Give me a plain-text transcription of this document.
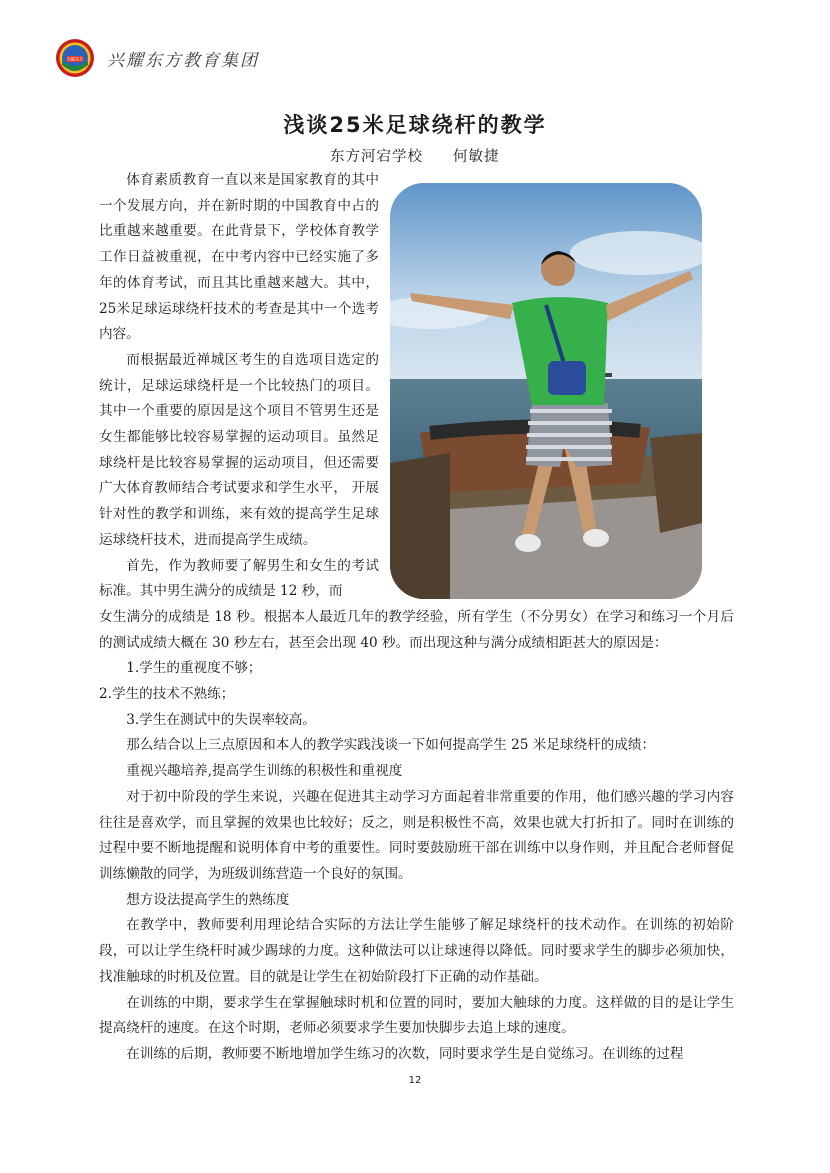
兴耀东方 兴耀东方教育集团
浅谈25米足球绕杆的教学
东方河宕学校 何敏捷

体育素质教育一直以来是国家教育的其中一个发展方向，并在新时期的中国教育中占的比重越来越重要。在此背景下，学校体育教学工作日益被重视，在中考内容中已经实施了多年的体育考试，而且其比重越来越大。其中， 25米足球运球绕杆技术的考查是其中一个选考内容。

而根据最近禅城区考生的自选项目选定的统计，足球运球绕杆是一个比较热门的项目。其中一个重要的原因是这个项目不管男生还是女生都能够比较容易掌握的运动项目。虽然足球绕杆是比较容易掌握的运动项目，但还需要广大体育教师结合考试要求和学生水平， 开展针对性的教学和训练，来有效的提高学生足球运球绕杆技术，进而提高学生成绩。

首先，作为教师要了解男生和女生的考试标准。其中男生满分的成绩是 12 秒，而

女生满分的成绩是 18 秒。根据本人最近几年的教学经验，所有学生（不分男女）在学习和练习一个月后的测试成绩大概在 30 秒左右，甚至会出现 40 秒。而出现这种与满分成绩相距甚大的原因是：

1.学生的重视度不够；

2.学生的技术不熟练；

3.学生在测试中的失误率较高。

那么结合以上三点原因和本人的教学实践浅谈一下如何提高学生 25 米足球绕杆的成绩：

重视兴趣培养,提高学生训练的积极性和重视度

对于初中阶段的学生来说，兴趣在促进其主动学习方面起着非常重要的作用，他们感兴趣的学习内容往往是喜欢学，而且掌握的效果也比较好；反之，则是积极性不高，效果也就大打折扣了。同时在训练的过程中要不断地提醒和说明体育中考的重要性。同时要鼓励班干部在训练中以身作则，并且配合老师督促训练懒散的同学，为班级训练营造一个良好的氛围。

想方设法提高学生的熟练度

在教学中，教师要利用理论结合实际的方法让学生能够了解足球绕杆的技术动作。在训练的初始阶段，可以让学生绕杆时减少踢球的力度。这种做法可以让球速得以降低。同时要求学生的脚步必须加快，找准触球的时机及位置。目的就是让学生在初始阶段打下正确的动作基础。

在训练的中期，要求学生在掌握触球时机和位置的同时，要加大触球的力度。这样做的目的是让学生提高绕杆的速度。在这个时期，老师必须要求学生要加快脚步去追上球的速度。

在训练的后期，教师要不断地增加学生练习的次数，同时要求学生是自觉练习。在训练的过程

12
